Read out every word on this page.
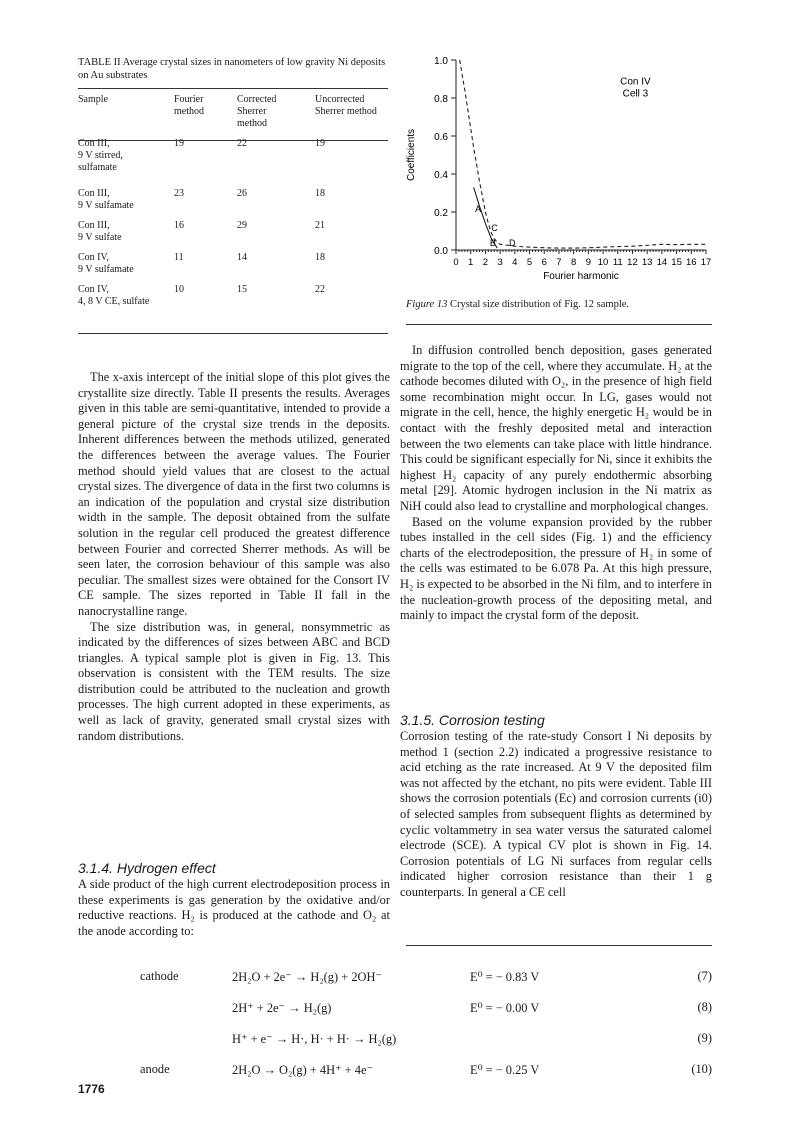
TABLE II Average crystal sizes in nanometers of low gravity Ni deposits on Au substrates
Sample	Fourier method	Corrected Sherrer method	Uncorrected Sherrer method

Con III,
9 V stirred,
sulfamate	19	22	19

Con III,
9 V sulfamate	23	26	18

Con III,
9 V sulfate	16	29	21

Con IV,
9 V sulfamate	11	14	18

Con IV,
4, 8 V CE, sulfate	10	15	22
0.0
0.2
0.4
0.6
0.8
1.0
0 1 2 3 4 5 6 7 8 9 10 11 12 13 14 15 16 17
Fourier harmonic
Coefficients
Con IV
Cell 3
A
C
B D
Figure 13 Crystal size distribution of Fig. 12 sample.

The x-axis intercept of the initial slope of this plot gives the crystallite size directly. Table II presents the results. Averages given in this table are semi-quantitative, intended to provide a general picture of the crystal size trends in the deposits. Inherent differences between the methods utilized, generated the differences between the average values. The Fourier method should yield values that are closest to the actual crystal sizes. The divergence of data in the first two columns is an indication of the population and crystal size distribution width in the sample. The deposit obtained from the sulfate solution in the regular cell produced the greatest difference between Fourier and corrected Sherrer methods. As will be seen later, the corrosion behaviour of this sample was also peculiar. The smallest sizes were obtained for the Consort IV CE sample. The sizes reported in Table II fall in the nanocrystalline range.

The size distribution was, in general, nonsymmetric as indicated by the differences of sizes between ABC and BCD triangles. A typical sample plot is given in Fig. 13. This observation is consistent with the TEM results. The size distribution could be attributed to the nucleation and growth processes. The high current adopted in these experiments, as well as lack of gravity, generated small crystal sizes with random distributions.

3.1.4. Hydrogen effect

A side product of the high current electrodeposition process in these experiments is gas generation by the oxidative and/or reductive reactions. H₂ is produced at the cathode and O₂ at the anode according to:

In diffusion controlled bench deposition, gases generated migrate to the top of the cell, where they accumulate. H₂ at the cathode becomes diluted with O₂, in the presence of high field some recombination might occur. In LG, gases would not migrate in the cell, hence, the highly energetic H₂ would be in contact with the freshly deposited metal and interaction between the two elements can take place with little hindrance. This could be significant especially for Ni, since it exhibits the highest H₂ capacity of any purely endothermic absorbing metal [29]. Atomic hydrogen inclusion in the Ni matrix as NiH could also lead to crystalline and morphological changes.

Based on the volume expansion provided by the rubber tubes installed in the cell sides (Fig. 1) and the efficiency charts of the electrodeposition, the pressure of H₂ in some of the cells was estimated to be 6.078 Pa. At this high pressure, H₂ is expected to be absorbed in the Ni film, and to interfere in the nucleation-growth process of the depositing metal, and mainly to impact the crystal form of the deposit.

3.1.5. Corrosion testing

Corrosion testing of the rate-study Consort I Ni deposits by method 1 (section 2.2) indicated a progressive resistance to acid etching as the rate increased. At 9 V the deposited film was not affected by the etchant, no pits were evident. Table III shows the corrosion potentials (Ec) and corrosion currents (i0) of selected samples from subsequent flights as determined by cyclic voltammetry in sea water versus the saturated calomel electrode (SCE). A typical CV plot is shown in Fig. 14. Corrosion potentials of LG Ni surfaces from regular cells indicated higher corrosion resistance than their 1 g counterparts. In general a CE cell

cathode	2H₂O + 2e⁻ → H₂(g) + 2OH⁻	E⁰ = − 0.83 V	(7)
2H⁺ + 2e⁻ → H₂(g)	E⁰ = − 0.00 V	(8)
H⁺ + e⁻ → H·, H· + H· → H₂(g)	(9)
anode	2H₂O → O₂(g) + 4H⁺ + 4e⁻	E⁰ = − 0.25 V	(10)
1776
